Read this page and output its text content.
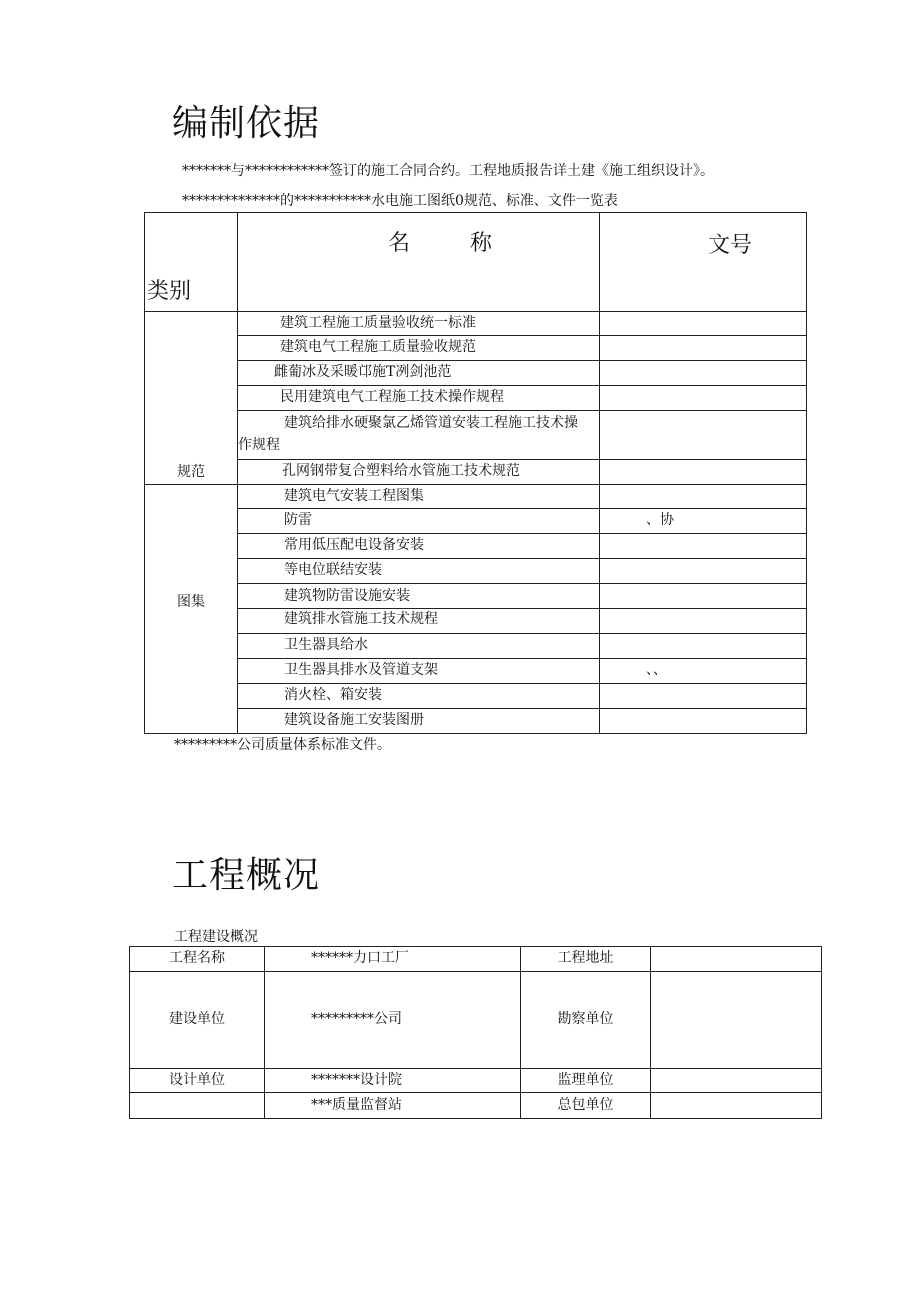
编制依据
*******与************签订的施工合同合约。工程地质报告详土建《施工组织设计》。
**************的***********水电施工图纸0规范、标准、文件一览表
类别	名 称	文号
规范	建筑工程施工质量验收统一标准	
	建筑电气工程施工质量验收规范	
	雌葡冰及采暖邙施T冽剑池范	
	民用建筑电气工程施工技术操作规程	

	建筑给排水硬聚氯乙烯管道安装工程施工技术操
作规程	
	孔网钢带复合塑料给水管施工技术规范	
图集	建筑电气安装工程图集	
	防雷	、协
	常用低压配电设备安装	
	等电位联结安装	
	建筑物防雷设施安装	
	建筑排水管施工技术规程	
	卫生器具给水	
	卫生器具排水及管道支架	、、
	消火栓、箱安装	
	建筑设备施工安装图册	
*********公司质量体系标准文件。
工程概况
工程建设概况
工程名称	******力口工厂	工程地址	
建设单位	*********公司	勘察单位	
设计单位	*******设计院	监理单位	
	***质量监督站	总包单位	
